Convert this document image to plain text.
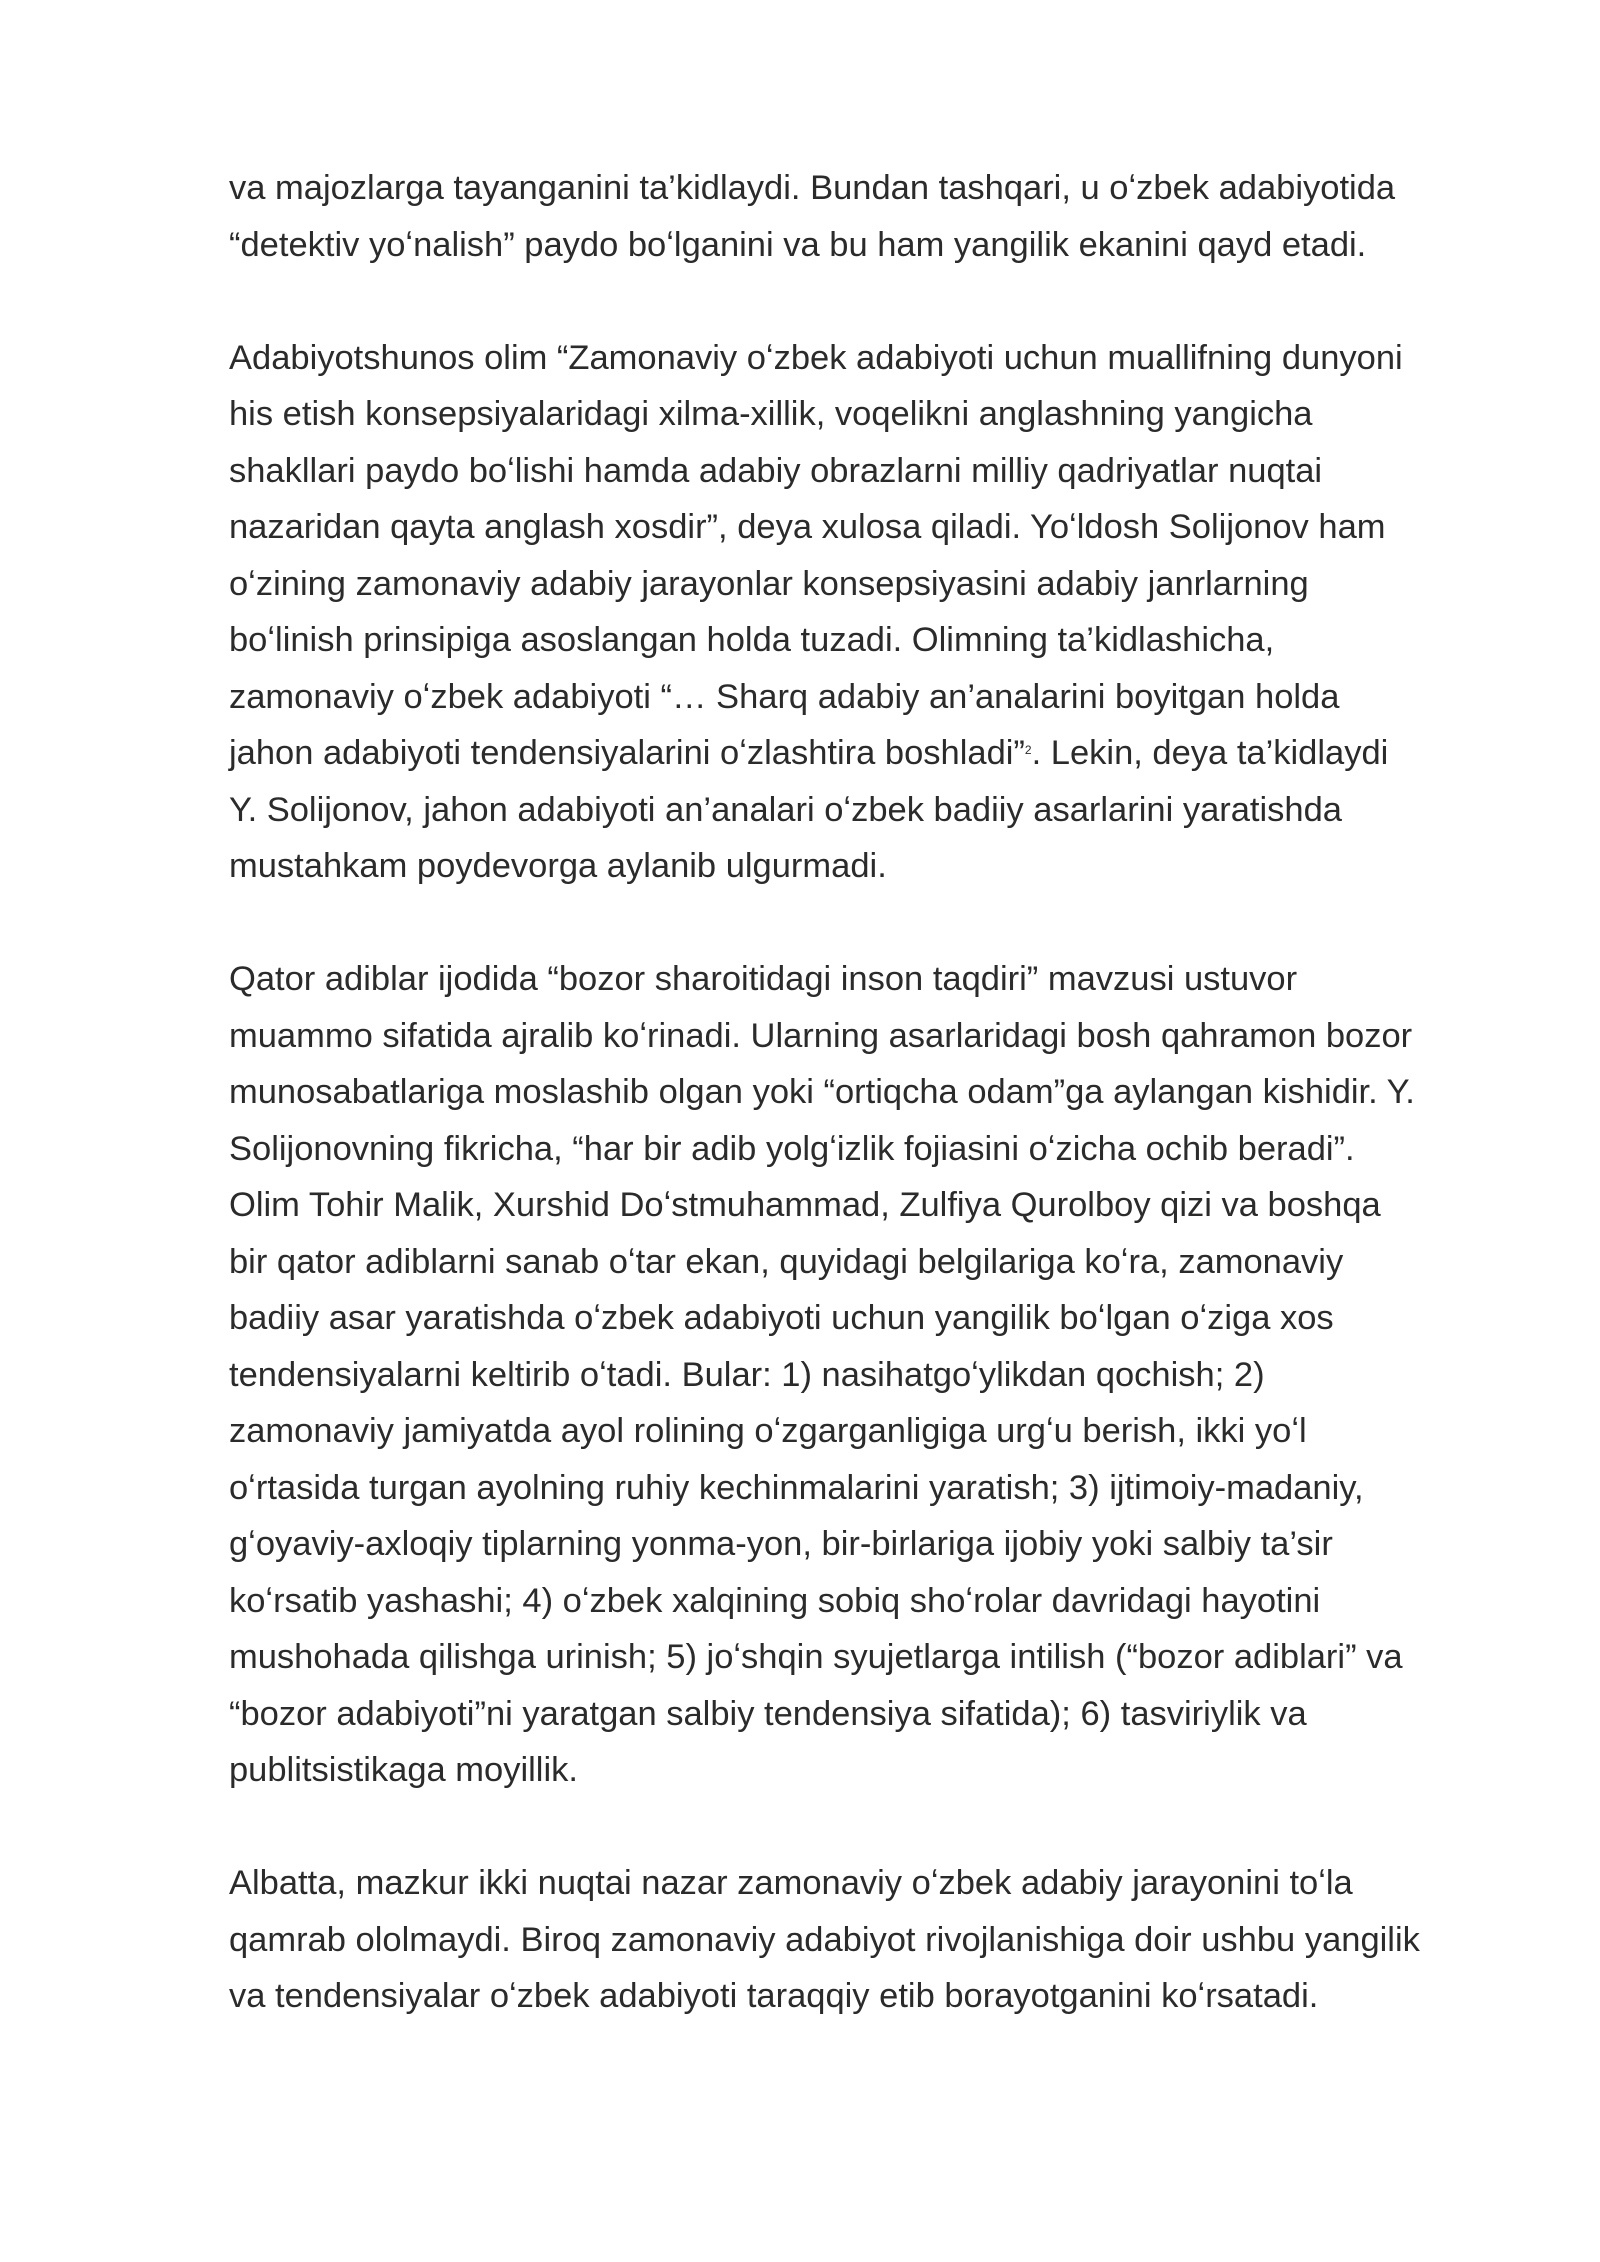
va majozlarga tayanganini ta’kidlaydi. Bundan tashqari, u oʻzbek adabiyotida
“detektiv yoʻnalish” paydo boʻlganini va bu ham yangilik ekanini qayd etadi.

Adabiyotshunos olim “Zamonaviy oʻzbek adabiyoti uchun muallifning dunyoni
his etish konsepsiyalaridagi xilma-xillik, voqelikni anglashning yangicha
shakllari paydo boʻlishi hamda adabiy obrazlarni milliy qadriyatlar nuqtai
nazaridan qayta anglash xosdir”, deya xulosa qiladi. Yoʻldosh Solijonov ham
oʻzining zamonaviy adabiy jarayonlar konsepsiyasini adabiy janrlarning
boʻlinish prinsipiga asoslangan holda tuzadi. Olimning ta’kidlashicha,
zamonaviy oʻzbek adabiyoti “… Sharq adabiy an’analarini boyitgan holda
jahon adabiyoti tendensiyalarini oʻzlashtira boshladi”$^2$. Lekin, deya ta’kidlaydi
Y. Solijonov, jahon adabiyoti an’analari oʻzbek badiiy asarlarini yaratishda
mustahkam poydevorga aylanib ulgurmadi.

Qator adiblar ijodida “bozor sharoitidagi inson taqdiri” mavzusi ustuvor
muammo sifatida ajralib koʻrinadi. Ularning asarlaridagi bosh qahramon bozor
munosabatlariga moslashib olgan yoki “ortiqcha odam”ga aylangan kishidir. Y.
Solijonovning fikricha, “har bir adib yolgʻizlik fojiasini oʻzicha ochib beradi”.
Olim Tohir Malik, Xurshid Doʻstmuhammad, Zulfiya Qurolboy qizi va boshqa
bir qator adiblarni sanab oʻtar ekan, quyidagi belgilariga koʻra, zamonaviy
badiiy asar yaratishda oʻzbek adabiyoti uchun yangilik boʻlgan oʻziga xos
tendensiyalarni keltirib oʻtadi. Bular: 1) nasihatgoʻylikdan qochish; 2)
zamonaviy jamiyatda ayol rolining oʻzgarganligiga urgʻu berish, ikki yoʻl
oʻrtasida turgan ayolning ruhiy kechinmalarini yaratish; 3) ijtimoiy-madaniy,
gʻoyaviy-axloqiy tiplarning yonma-yon, bir-birlariga ijobiy yoki salbiy ta’sir
koʻrsatib yashashi; 4) oʻzbek xalqining sobiq shoʻrolar davridagi hayotini
mushohada qilishga urinish; 5) joʻshqin syujetlarga intilish (“bozor adiblari” va
“bozor adabiyoti”ni yaratgan salbiy tendensiya sifatida); 6) tasviriylik va
publitsistikaga moyillik.

Albatta, mazkur ikki nuqtai nazar zamonaviy oʻzbek adabiy jarayonini toʻla
qamrab ololmaydi. Biroq zamonaviy adabiyot rivojlanishiga doir ushbu yangilik
va tendensiyalar oʻzbek adabiyoti taraqqiy etib borayotganini koʻrsatadi.
